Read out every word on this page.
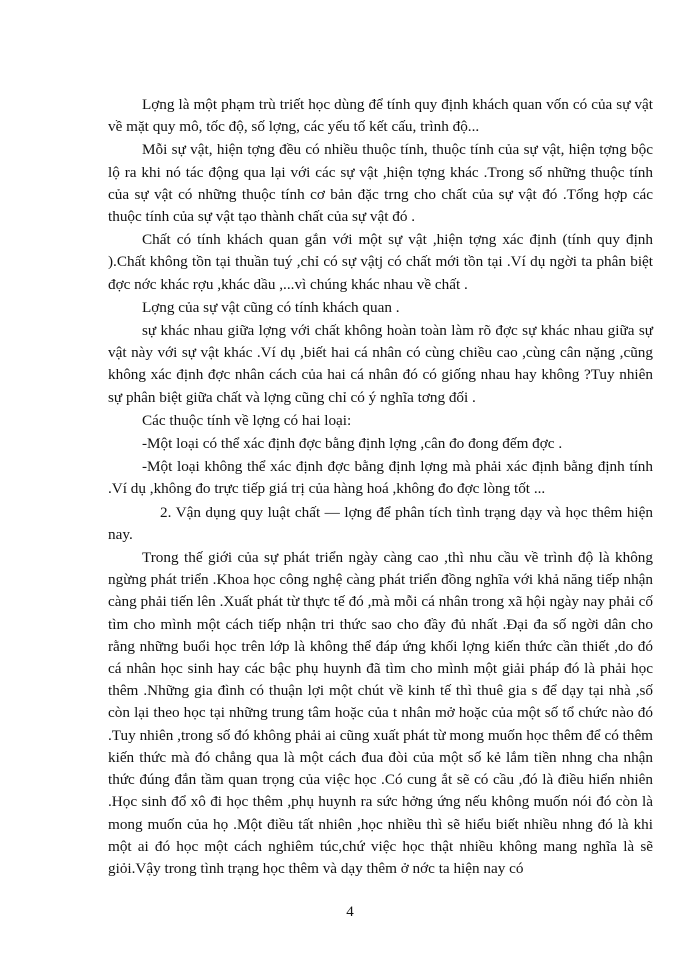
Lợng là một phạm trù triết học dùng để tính quy định khách quan vốn có của sự vật về mặt quy mô, tốc độ, số lợng, các yếu tố kết cấu, trình độ...

Mỗi sự vật, hiện tợng đều có nhiều thuộc tính, thuộc tính của sự vật, hiện tợng bộc lộ ra khi nó tác động qua lại với các sự vật ,hiện tợng khác .Trong số những thuộc tính của sự vật có những thuộc tính cơ bản đặc trng cho chất của sự vật đó .Tổng hợp các thuộc tính của sự vật tạo thành chất của sự vật đó .

Chất có tính khách quan gắn với một sự vật ,hiện tợng xác định (tính quy định ).Chất không tồn tại thuần tuý ,chỉ có sự vậtj có chất mới tồn tại .Ví dụ ngời ta phân biệt đợc nớc khác rợu ,khác dầu ,...vì chúng khác nhau về chất .

Lợng của sự vật cũng có tính khách quan .

sự khác nhau giữa lợng với chất không hoàn toàn làm rõ đợc sự khác nhau giữa sự vật này với sự vật khác .Ví dụ ,biết hai cá nhân có cùng chiều cao ,cùng cân nặng ,cũng không xác định đợc nhân cách của hai cá nhân đó có giống nhau hay không ?Tuy nhiên sự phân biệt giữa chất và lợng cũng chỉ có ý nghĩa tơng đối .

Các thuộc tính về lợng có hai loại:

-Một loại có thể xác định đợc bằng định lợng ,cân đo đong đếm đợc .

-Một loại không thể xác định đợc bằng định lợng mà phải xác định bằng định tính .Ví dụ ,không đo trực tiếp giá trị của hàng hoá ,không đo đợc lòng tốt ...

2. Vận dụng quy luật chất — lợng để phân tích tình trạng dạy và học thêm hiện nay.

Trong thế giới của sự phát triển ngày càng cao ,thì nhu cầu về trình độ là không ngừng phát triển .Khoa học công nghệ càng phát triển đồng nghĩa với khả năng tiếp nhận càng phải tiến lên .Xuất phát từ thực tế đó ,mà mỗi cá nhân trong xã hội ngày nay phải cố tìm cho mình một cách tiếp nhận tri thức sao cho đầy đủ nhất .Đại đa số ngời dân cho rằng những buổi học trên lớp là không thể đáp ứng khối lợng kiến thức cần thiết ,do đó cá nhân học sinh hay các bậc phụ huynh đã tìm cho mình một giải pháp đó là phải học thêm .Những gia đình có thuận lợi một chút về kinh tế thì thuê gia s để dạy tại nhà ,số còn lại theo học tại những trung tâm hoặc của t nhân mở hoặc của một số tổ chức nào đó .Tuy nhiên ,trong số đó không phải ai cũng xuất phát từ mong muốn học thêm để có thêm kiến thức mà đó chẳng qua là một cách đua đòi của một số kẻ lắm tiền nhng cha nhận thức đúng đắn tầm quan trọng của việc học .Có cung ắt sẽ có cầu ,đó là điều hiển nhiên .Học sinh đổ xô đi học thêm ,phụ huynh ra sức hởng ứng nếu không muốn nói đó còn là mong muốn của họ .Một điều tất nhiên ,học nhiều thì sẽ hiểu biết nhiều nhng đó là khi một ai đó học một cách nghiêm túc,chứ việc học thật nhiều không mang nghĩa là sẽ giỏi.Vậy trong tình trạng học thêm và dạy thêm ở nớc ta hiện nay có

4
